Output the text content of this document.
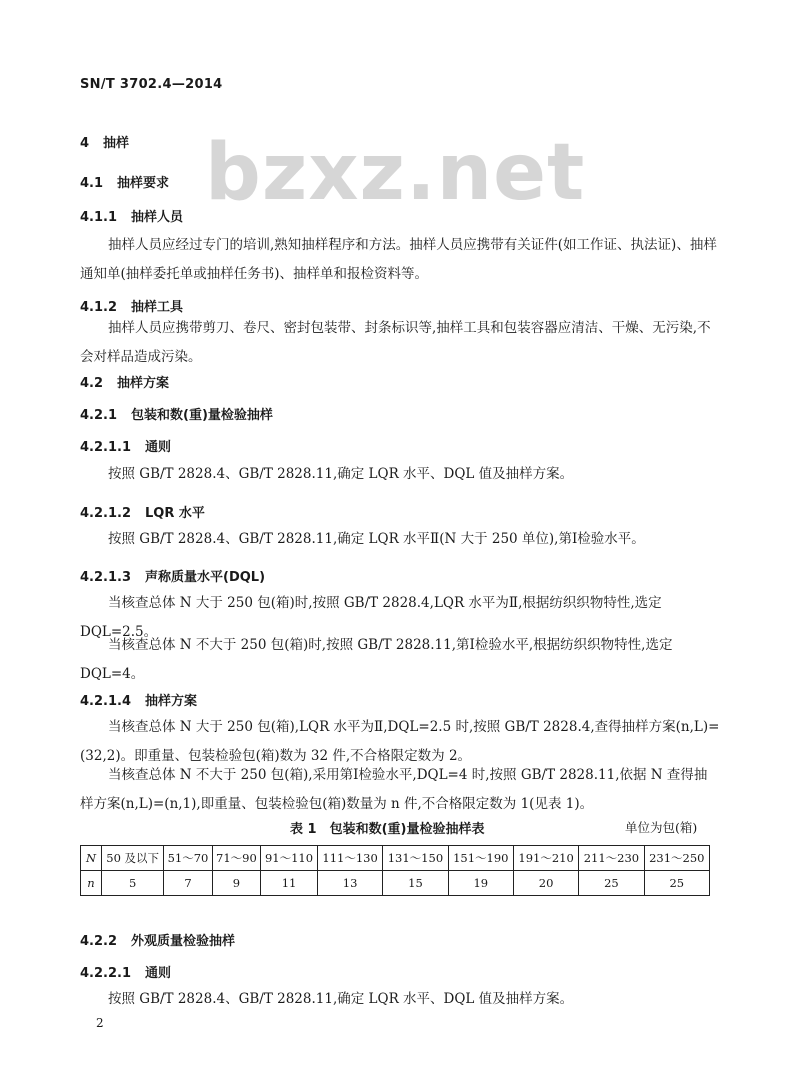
SN/T 3702.4—2014
bzxz.net
4 抽样
4.1 抽样要求
4.1.1 抽样人员
抽样人员应经过专门的培训,熟知抽样程序和方法。抽样人员应携带有关证件(如工作证、执法证)、抽样通知单(抽样委托单或抽样任务书)、抽样单和报检资料等。
4.1.2 抽样工具
抽样人员应携带剪刀、卷尺、密封包装带、封条标识等,抽样工具和包装容器应清洁、干燥、无污染,不会对样品造成污染。
4.2 抽样方案
4.2.1 包装和数(重)量检验抽样
4.2.1.1 通则
按照 GB/T 2828.4、GB/T 2828.11,确定 LQR 水平、DQL 值及抽样方案。
4.2.1.2 LQR 水平
按照 GB/T 2828.4、GB/T 2828.11,确定 LQR 水平Ⅱ(N 大于 250 单位),第Ⅰ检验水平。
4.2.1.3 声称质量水平(DQL)
当核查总体 N 大于 250 包(箱)时,按照 GB/T 2828.4,LQR 水平为Ⅱ,根据纺织织物特性,选定 DQL=2.5。
当核查总体 N 不大于 250 包(箱)时,按照 GB/T 2828.11,第Ⅰ检验水平,根据纺织织物特性,选定 DQL=4。
4.2.1.4 抽样方案
当核查总体 N 大于 250 包(箱),LQR 水平为Ⅱ,DQL=2.5 时,按照 GB/T 2828.4,查得抽样方案(n,L)=(32,2)。即重量、包装检验包(箱)数为 32 件,不合格限定数为 2。
当核查总体 N 不大于 250 包(箱),采用第Ⅰ检验水平,DQL=4 时,按照 GB/T 2828.11,依据 N 查得抽样方案(n,L)=(n,1),即重量、包装检验包(箱)数量为 n 件,不合格限定数为 1(见表 1)。
表 1　包装和数(重)量检验抽样表	单位为包(箱)
N	50 及以下	51～70	71～90	91～110	111～130	131～150	151～190	191～210	211～230	231～250
n	5	7	9	11	13	15	19	20	25	25
4.2.2 外观质量检验抽样
4.2.2.1 通则
按照 GB/T 2828.4、GB/T 2828.11,确定 LQR 水平、DQL 值及抽样方案。
2
